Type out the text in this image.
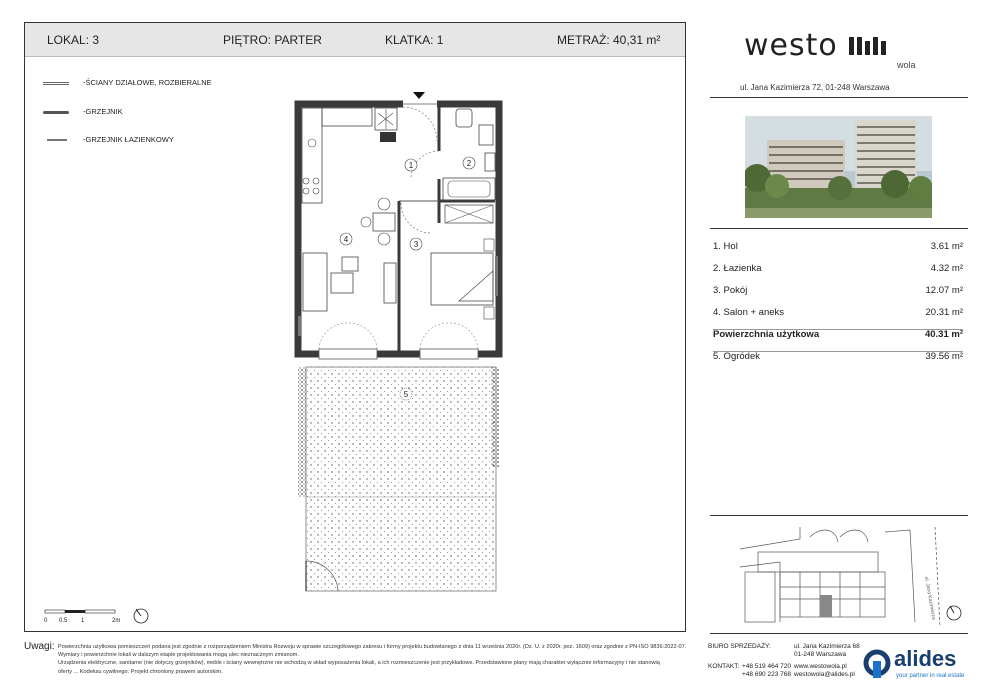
LOKAL: 3	PIĘTRO: PARTER	KLATKA: 1	METRAŻ: 40,31 m²
-ŚCIANY DZIAŁOWE, ROZBIERALNE
-GRZEJNIK
-GRZEJNIK ŁAZIENKOWY
1	2
3
4
5
0 0.5 1	2m
westo
wola
ul. Jana Kazimierza 72, 01-248 Warszawa
1. Hol	3.61 m²
2. Łazienka	4.32 m²
3. Pokój	12.07 m²
4. Salon + aneks	20.31 m²
Powierzchnia użytkowa	40.31 m²
5. Ogródek	39.56 m²
ul. Jana Kazimierza
Uwagi: Powierzchnia użytkowa pomieszczeń podana jest zgodnie z rozporządzeniem Ministra Rozwoju w sprawie szczegółowego zakresu i formy projektu budowlanego z dnia 11 września 2020r. (Dz. U. z 2020r. poz. 1609) oraz zgodnie z PN-ISO 9836:2022-07.
Wymiary i powierzchnie lokali w dalszym etapie projektowania mogą ulec nieznacznym zmianom.
Urządzenia elektryczne, sanitarne (nie dotyczy grzejników), meble i ściany wewnętrzne nie wchodzą w skład wyposażenia lokali, a ich rozmieszczenie jest przykładowe. Przedstawione plany mają charakter wyłącznie informacyjny i nie stanowią
oferty ... Kodeksu cywilnego. Projekt chroniony prawem autorskim.
BIURO SPRZEDAŻY:	ul. Jana Kazimierza 68
01-248 Warszawa
KONTAKT: +48 519 464 720
+48 690 223 768
www.westowola.pl
westowola@alides.pl
alides
your partner in real estate
